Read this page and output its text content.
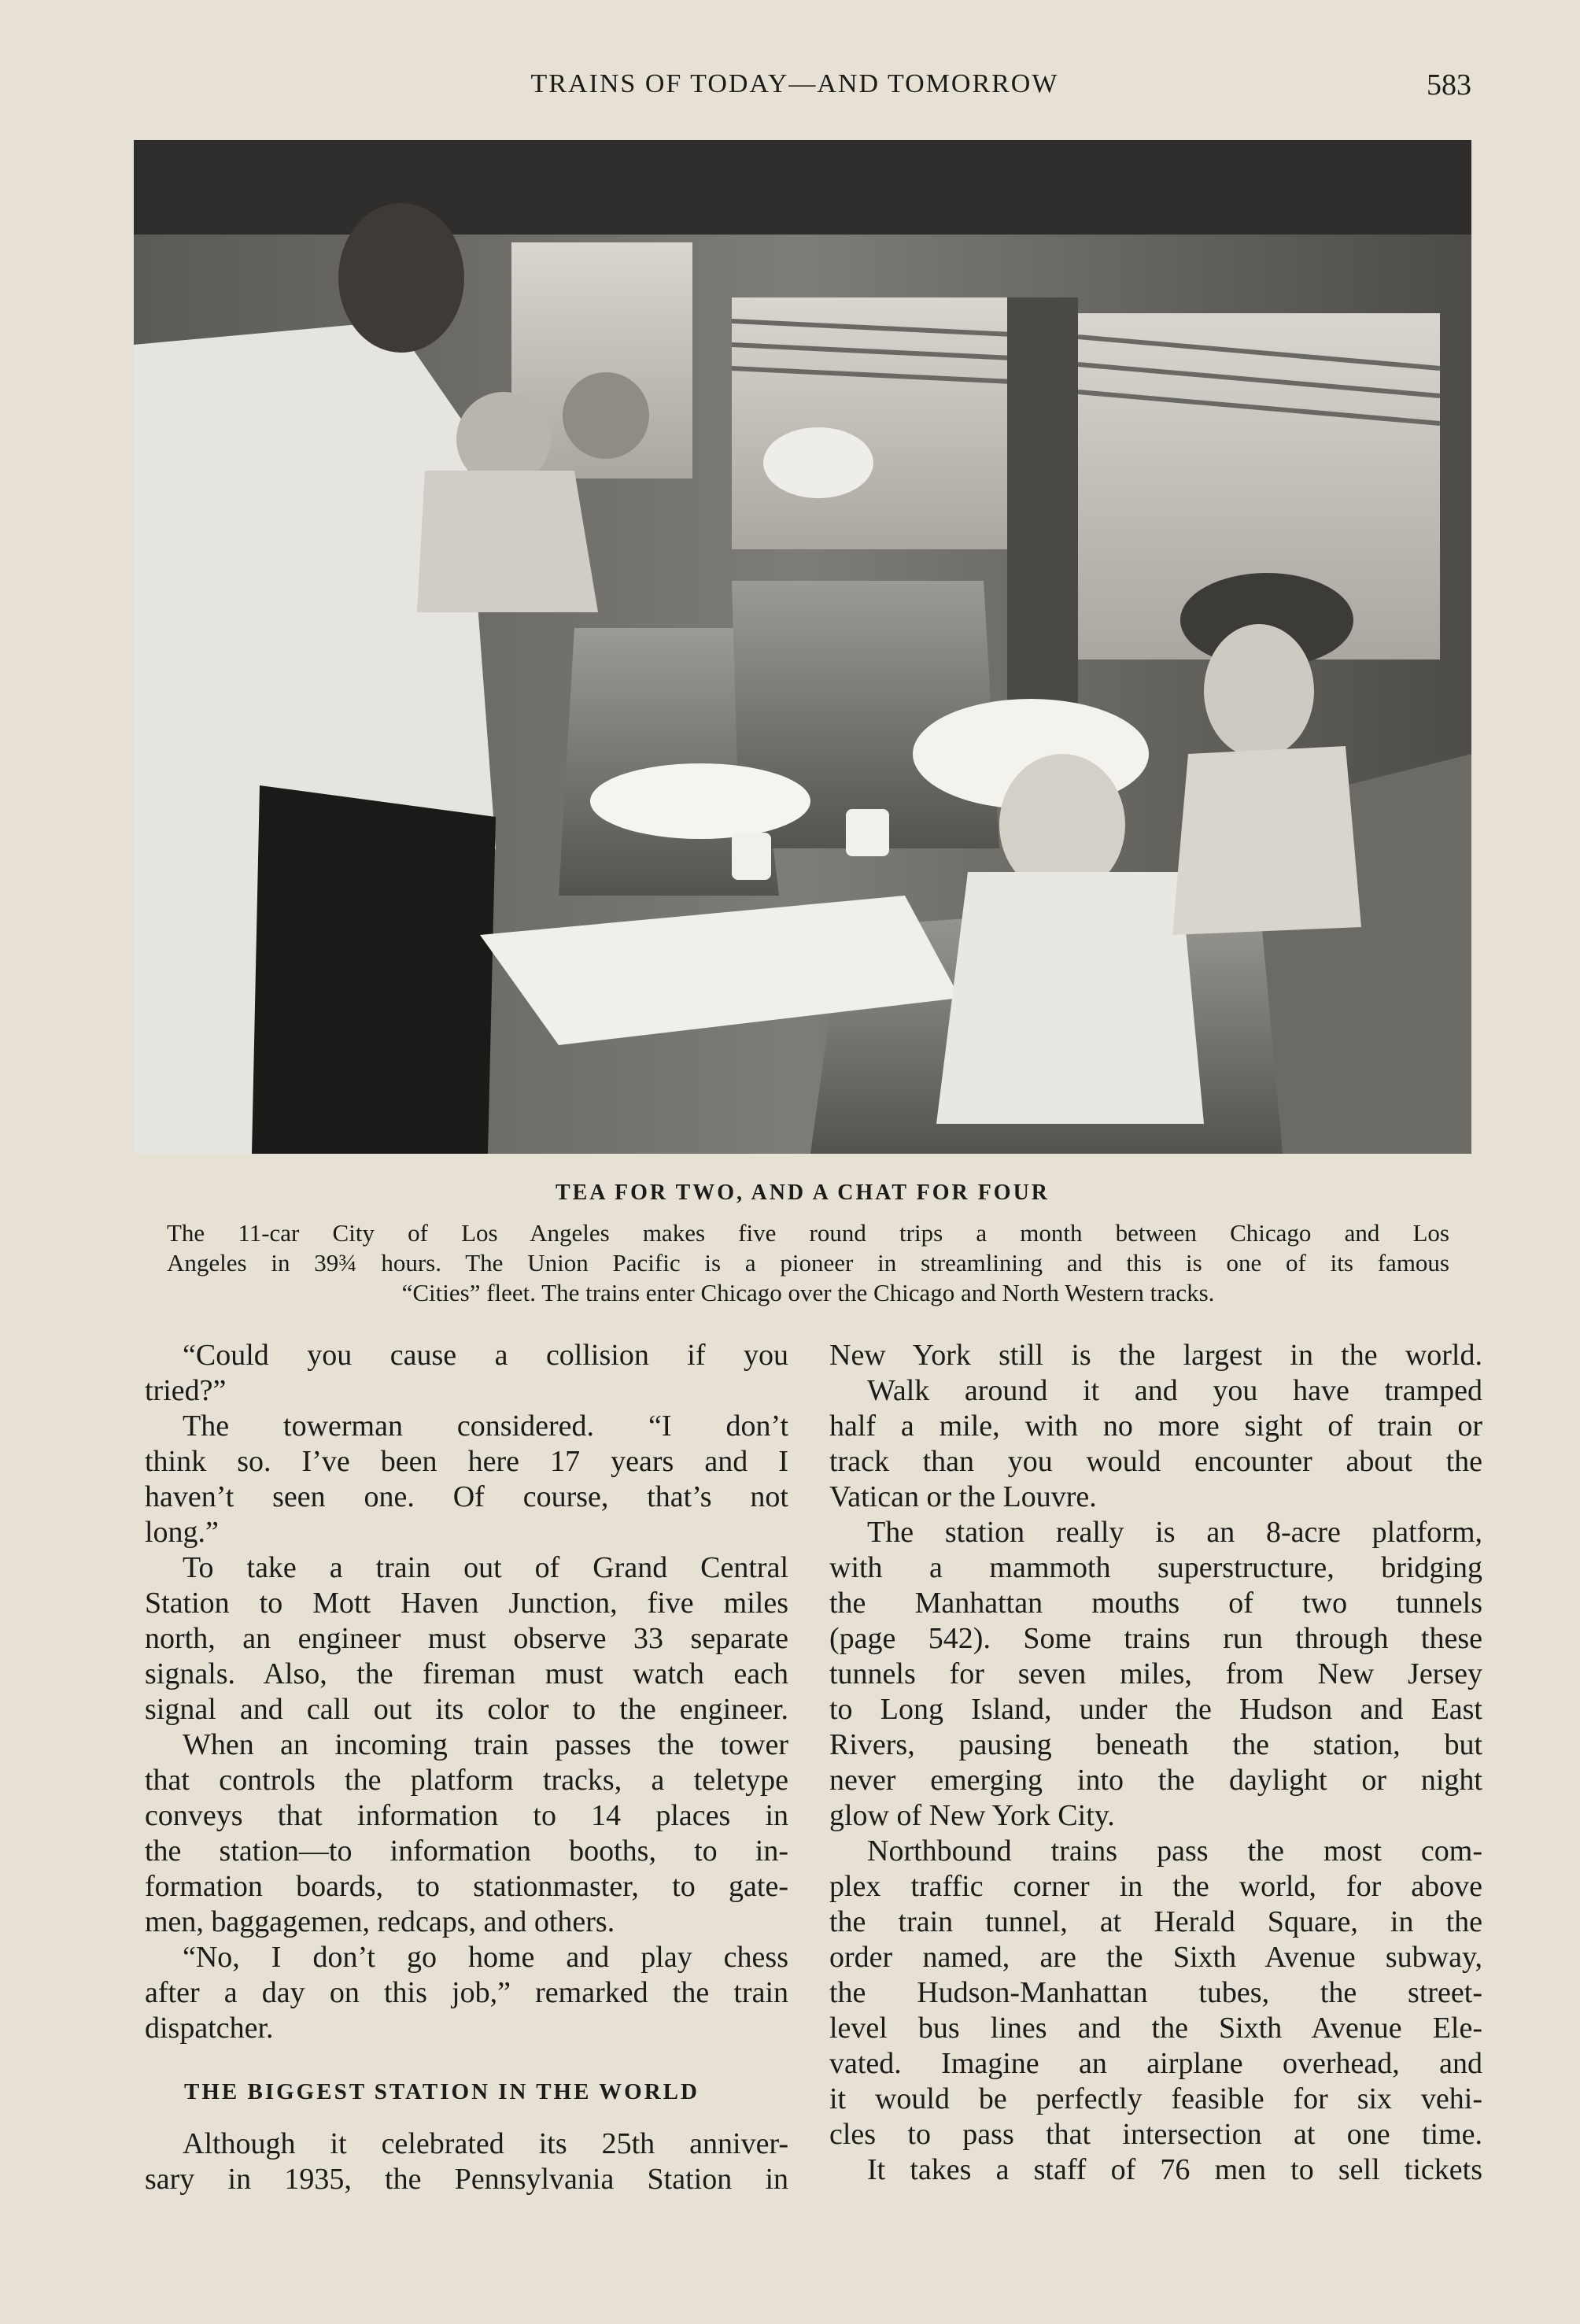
TRAINS OF TODAY—AND TOMORROW	583
TEA FOR TWO, AND A CHAT FOR FOUR
The 11-car City of Los Angeles makes five round trips a month between Chicago and Los
Angeles in 39¾ hours. The Union Pacific is a pioneer in streamlining and this is one of its famous
“Cities” fleet. The trains enter Chicago over the Chicago and North Western tracks.
“Could you cause a collision if you
tried?”
The towerman considered. “I don’t
think so. I’ve been here 17 years and I
haven’t seen one. Of course, that’s not
long.”
To take a train out of Grand Central
Station to Mott Haven Junction, five miles
north, an engineer must observe 33 separate
signals. Also, the fireman must watch each
signal and call out its color to the engineer.
When an incoming train passes the tower
that controls the platform tracks, a teletype
conveys that information to 14 places in
the station—to information booths, to in-
formation boards, to stationmaster, to gate-
men, baggagemen, redcaps, and others.
“No, I don’t go home and play chess
after a day on this job,” remarked the train
dispatcher.
THE BIGGEST STATION IN THE WORLD
Although it celebrated its 25th anniver-
sary in 1935, the Pennsylvania Station in
New York still is the largest in the world.
Walk around it and you have tramped
half a mile, with no more sight of train or
track than you would encounter about the
Vatican or the Louvre.
The station really is an 8-acre platform,
with a mammoth superstructure, bridging
the Manhattan mouths of two tunnels
(page 542). Some trains run through these
tunnels for seven miles, from New Jersey
to Long Island, under the Hudson and East
Rivers, pausing beneath the station, but
never emerging into the daylight or night
glow of New York City.
Northbound trains pass the most com-
plex traffic corner in the world, for above
the train tunnel, at Herald Square, in the
order named, are the Sixth Avenue subway,
the Hudson-Manhattan tubes, the street-
level bus lines and the Sixth Avenue Ele-
vated. Imagine an airplane overhead, and
it would be perfectly feasible for six vehi-
cles to pass that intersection at one time.
It takes a staff of 76 men to sell tickets
